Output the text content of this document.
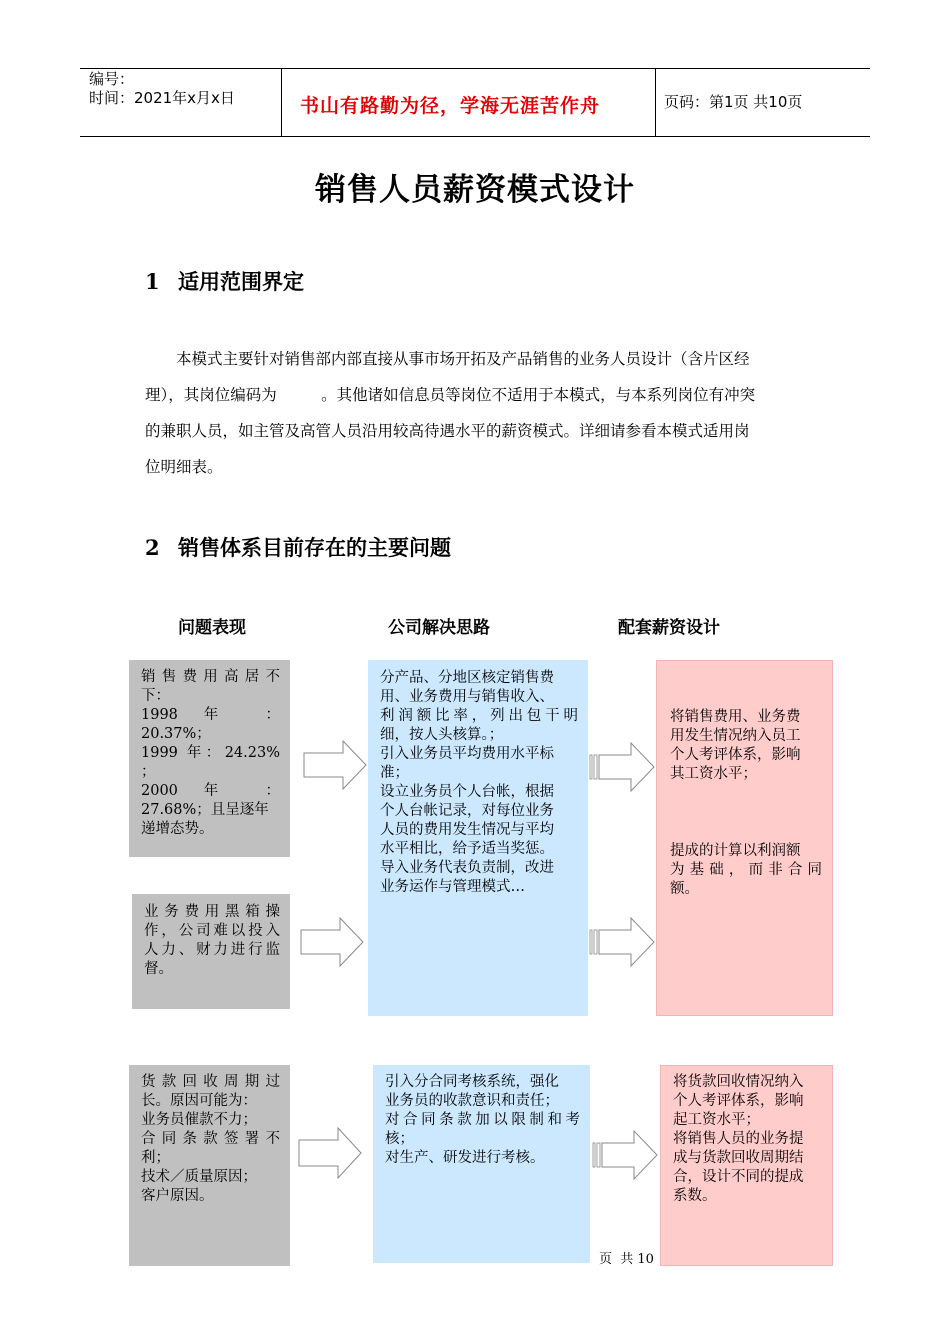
编号：
时间：2021年x月x日	书山有路勤为径，学海无涯苦作舟	页码：第1页 共10页
销售人员薪资模式设计
1 适用范围界定

本模式主要针对销售部内部直接从事市场开拓及产品销售的业务人员设计（含片区经

理），其岗位编码为         。其他诸如信息员等岗位不适用于本模式，与本系列岗位有冲突

的兼职人员，如主管及高管人员沿用较高待遇水平的薪资模式。详细请参看本模式适用岗

位明细表。

2 销售体系目前存在的主要问题
问题表现	公司解决思路	配套薪资设计

销售费用高居不

下：

1998 年 ：

20.37%；

1999 年：24.23%

；

2000 年 ：

27.68%；且呈逐年

递增态势。

业务费用黑箱操

作，公司难以投入

人力、财力进行监

督。

分产品、分地区核定销售费

用、业务费用与销售收入、

利润额比率，列出包干明

细，按人头核算。；

引入业务员平均费用水平标

准；

设立业务员个人台帐，根据

个人台帐记录，对每位业务

人员的费用发生情况与平均

水平相比，给予适当奖惩。

导入业务代表负责制，改进

业务运作与管理模式…

将销售费用、业务费

用发生情况纳入员工

个人考评体系，影响

其工资水平；

提成的计算以利润额

为基础，而非合同

额。

货款回收周期过

长。原因可能为：

业务员催款不力；

合同条款签署不

利；

技术／质量原因；

客户原因。

引入分合同考核系统，强化

业务员的收款意识和责任；

对合同条款加以限制和考

核；

对生产、研发进行考核。

将货款回收情况纳入

个人考评体系，影响

起工资水平；

将销售人员的业务提

成与货款回收周期结

合，设计不同的提成

系数。

页  共 10
